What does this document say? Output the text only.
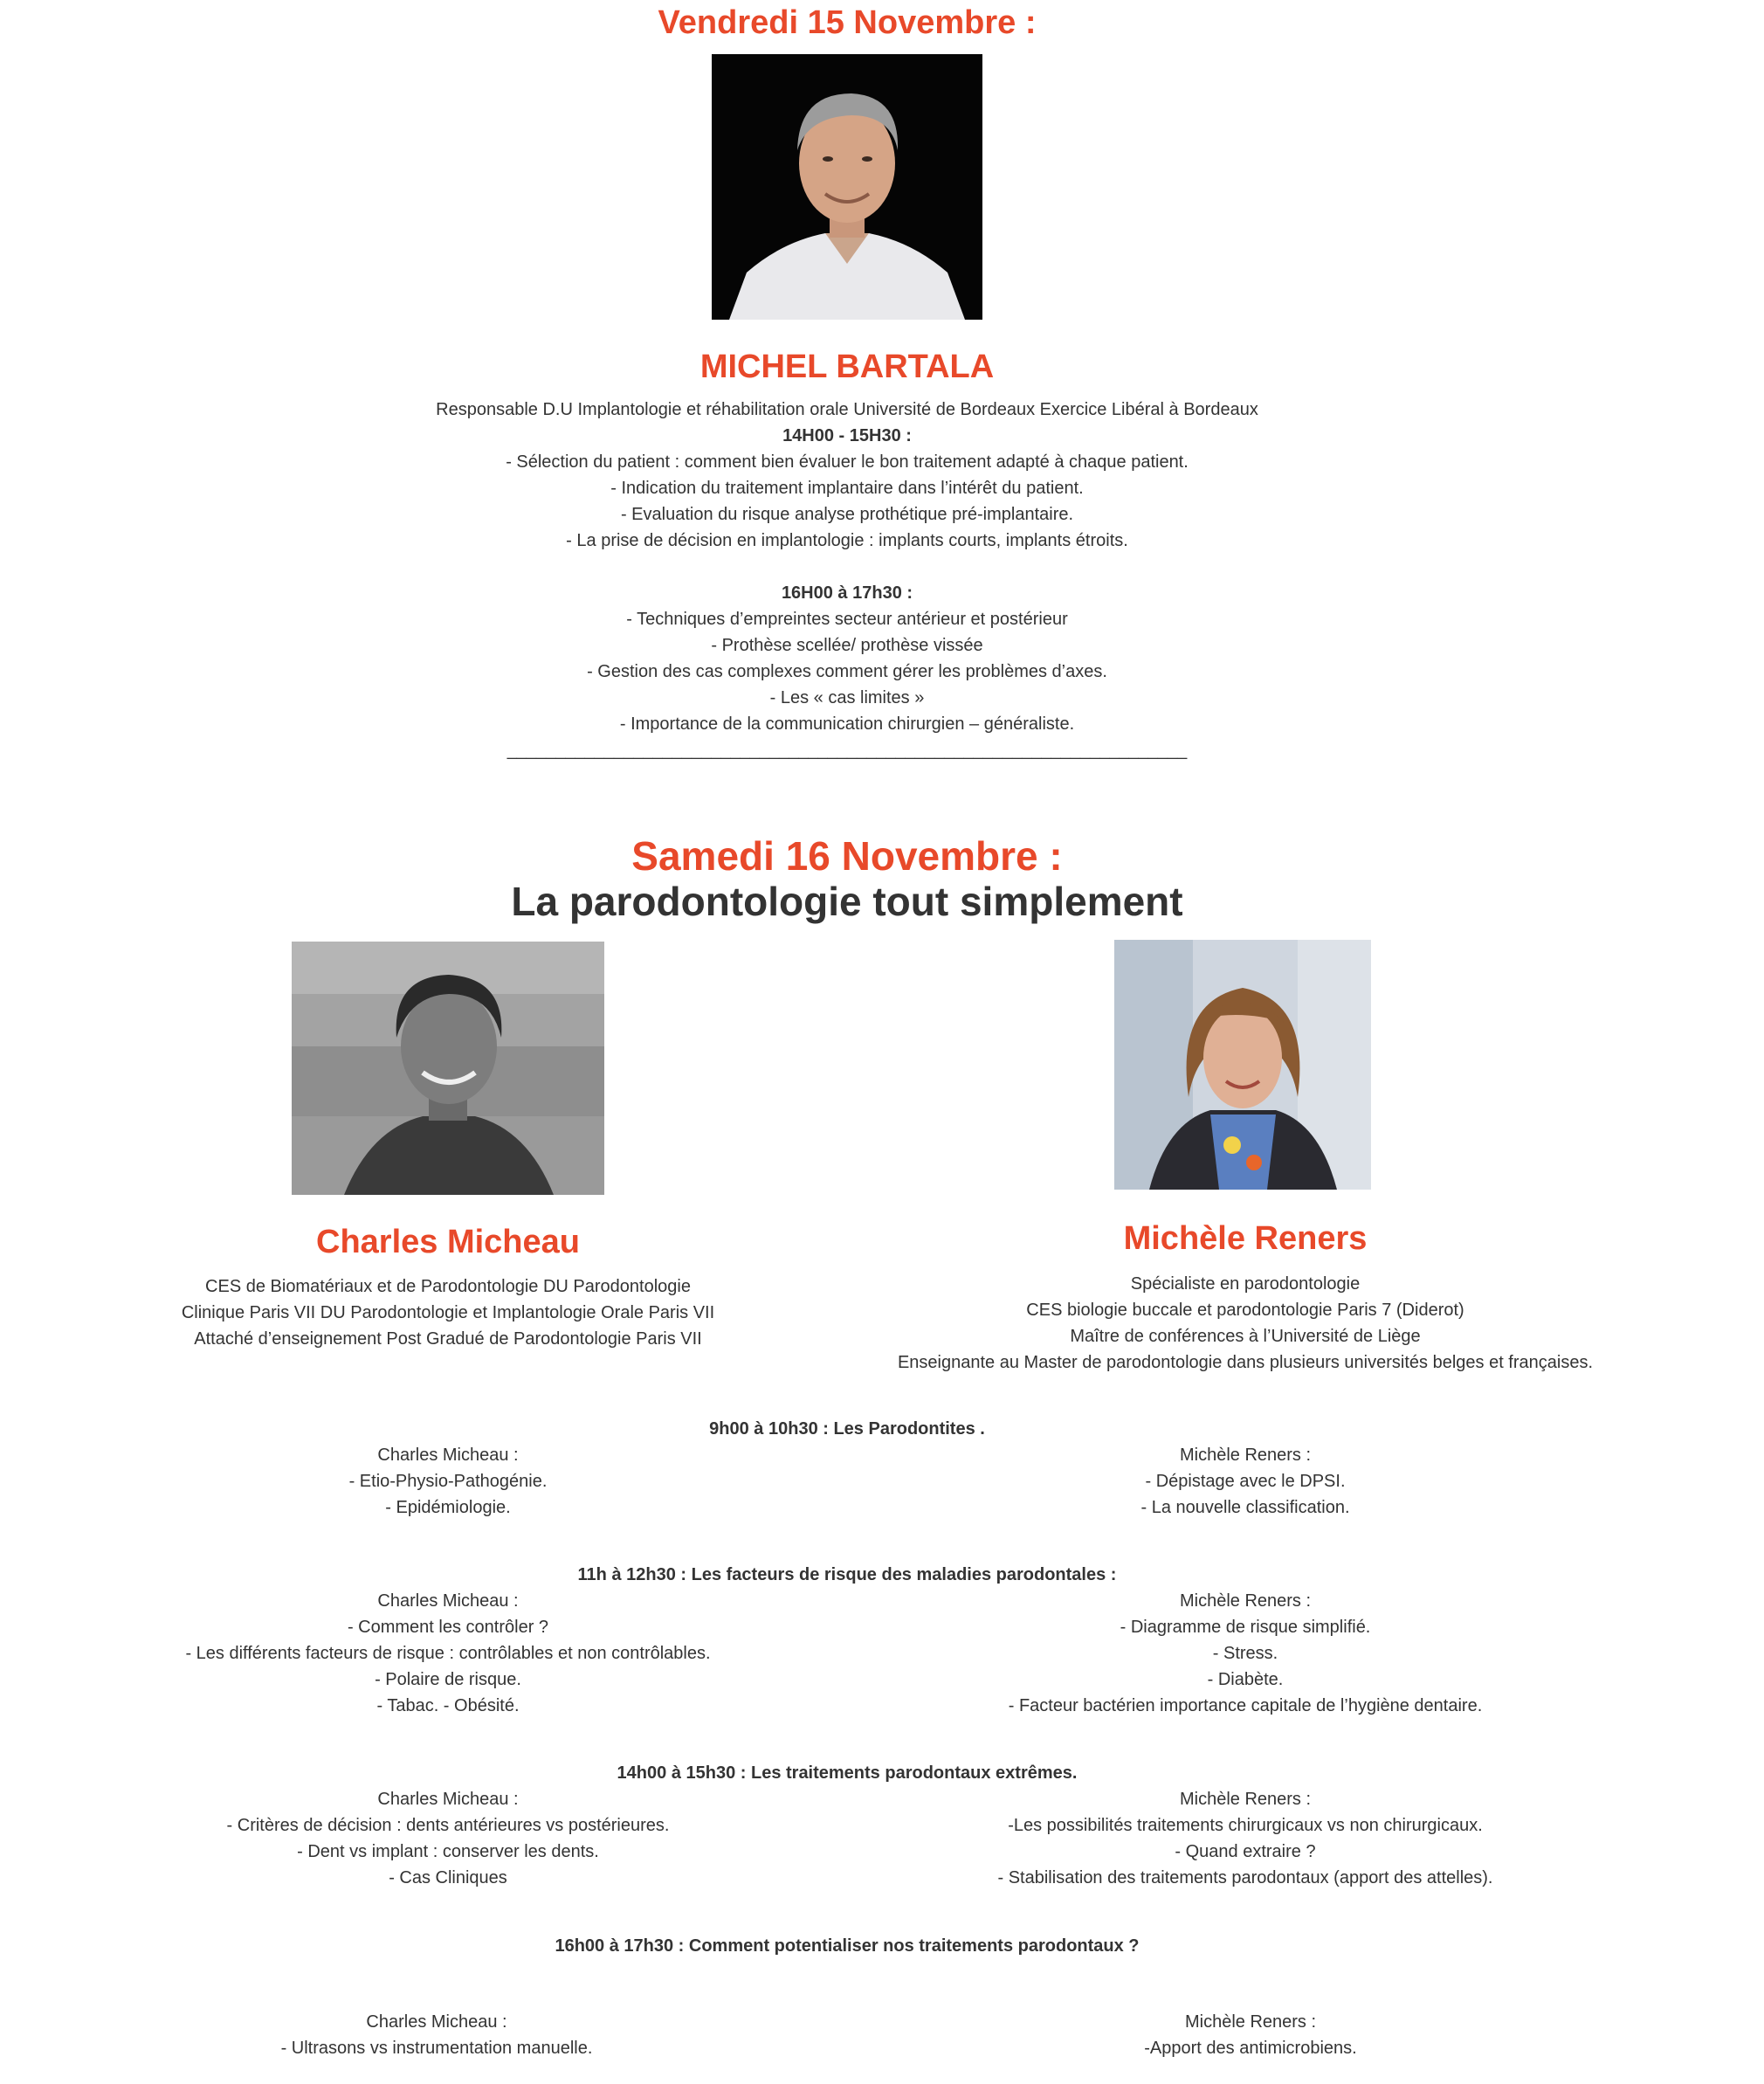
Vendredi 15 Novembre :
MICHEL BARTALA
Responsable D.U Implantologie et réhabilitation orale Université de Bordeaux Exercice Libéral à Bordeaux
14H00 - 15H30 :
- Sélection du patient : comment bien évaluer le bon traitement adapté à chaque patient.
- Indication du traitement implantaire dans l’intérêt du patient.
- Evaluation du risque analyse prothétique pré-implantaire.
- La prise de décision en implantologie : implants courts, implants étroits.
16H00 à 17h30 :
- Techniques d’empreintes secteur antérieur et postérieur
- Prothèse scellée/ prothèse vissée
- Gestion des cas complexes comment gérer les problèmes d’axes.
- Les « cas limites »
- Importance de la communication chirurgien – généraliste.
______________________________________________________________________
Samedi 16 Novembre :
La parodontologie tout simplement
Charles Micheau
CES de Biomatériaux et de Parodontologie DU Parodontologie
Clinique Paris VII DU Parodontologie et Implantologie Orale Paris VII
Attaché d’enseignement Post Gradué de Parodontologie Paris VII
Michèle Reners
Spécialiste en parodontologie
CES biologie buccale et parodontologie Paris 7 (Diderot)
Maître de conférences à l’Université de Liège
Enseignante au Master de parodontologie dans plusieurs universités belges et françaises.
9h00 à 10h30 : Les Parodontites .
Charles Micheau :
- Etio-Physio-Pathogénie.
- Epidémiologie.
Michèle Reners :
- Dépistage avec le DPSI.
- La nouvelle classification.
11h à 12h30 : Les facteurs de risque des maladies parodontales :
Charles Micheau :
- Comment les contrôler ?
- Les différents facteurs de risque : contrôlables et non contrôlables.
- Polaire de risque.
- Tabac. - Obésité.
Michèle Reners :
- Diagramme de risque simplifié.
- Stress.
- Diabète.
- Facteur bactérien importance capitale de l’hygiène dentaire.
14h00 à 15h30 : Les traitements parodontaux extrêmes.
Charles Micheau :
- Critères de décision : dents antérieures vs postérieures.
- Dent vs implant : conserver les dents.
- Cas Cliniques
Michèle Reners :
-Les possibilités traitements chirurgicaux vs non chirurgicaux.
- Quand extraire ?
- Stabilisation des traitements parodontaux (apport des attelles).
16h00 à 17h30 : Comment potentialiser nos traitements parodontaux ?
Charles Micheau :
- Ultrasons vs instrumentation manuelle.
Michèle Reners :
-Apport des antimicrobiens.
